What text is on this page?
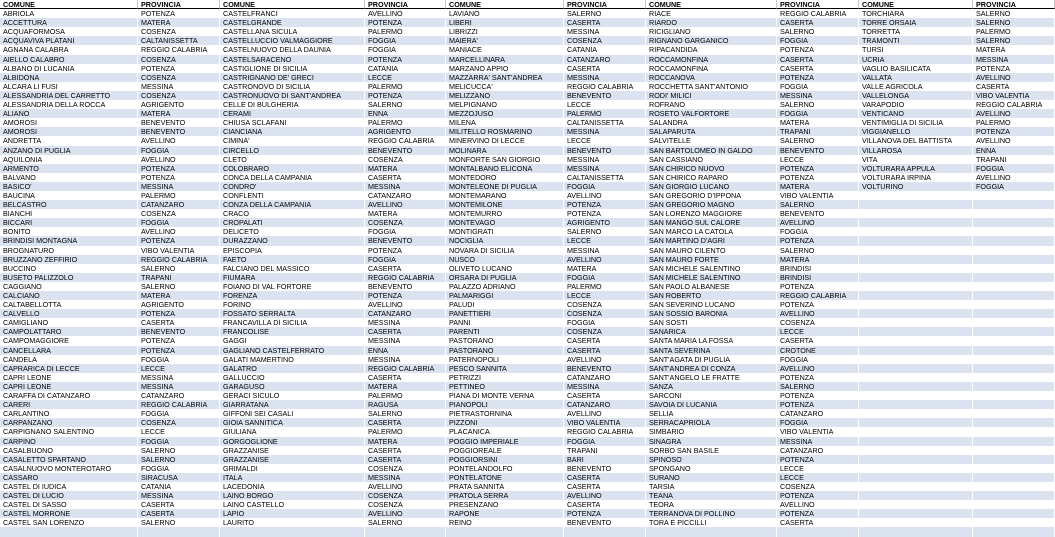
COMUNE	PROVINCIA	COMUNE	PROVINCIA	COMUNE	PROVINCIA	COMUNE	PROVINCIA	COMUNE	PROVINCIA
ABRIOLA	POTENZA	CASTELFRANCI	AVELLINO	LAVIANO	SALERNO	RIACE	REGGIO CALABRIA	TORCHIARA	SALERNO
ACCETTURA	MATERA	CASTELGRANDE	POTENZA	LIBERI	CASERTA	RIARDO	CASERTA	TORRE ORSAIA	SALERNO
ACQUAFORMOSA	COSENZA	CASTELLANA SICULA	PALERMO	LIBRIZZI	MESSINA	RICIGLIANO	SALERNO	TORRETTA	PALERMO
ACQUAVIVA PLATANI	CALTANISSETTA	CASTELLUCCIO VALMAGGIORE	FOGGIA	MAIERA'	COSENZA	RIGNANO GARGANICO	FOGGIA	TRAMONTI	SALERNO
AGNANA CALABRA	REGGIO CALABRIA	CASTELNUOVO DELLA DAUNIA	FOGGIA	MANIACE	CATANIA	RIPACANDIDA	POTENZA	TURSI	MATERA
AIELLO CALABRO	COSENZA	CASTELSARACENO	POTENZA	MARCELLINARA	CATANZARO	ROCCAMONFINA	CASERTA	UCRIA	MESSINA
ALBANO DI LUCANIA	POTENZA	CASTIGLIONE DI SICILIA	CATANIA	MARZANO APPIO	CASERTA	ROCCAMONFINA	CASERTA	VAGLIO BASILICATA	POTENZA
ALBIDONA	COSENZA	CASTRIGNANO DE' GRECI	LECCE	MAZZARRA' SANT'ANDREA	MESSINA	ROCCANOVA	POTENZA	VALLATA	AVELLINO
ALCARA LI FUSI	MESSINA	CASTRONOVO DI SICILIA	PALERMO	MELICUCCA'	REGGIO CALABRIA	ROCCHETTA SANT'ANTONIO	FOGGIA	VALLE AGRICOLA	CASERTA
ALESSANDRIA DEL CARRETTO	COSENZA	CASTRONUOVO DI SANT'ANDREA	POTENZA	MELIZZANO	BENEVENTO	RODI' MILICI	MESSINA	VALLELONGA	VIBO VALENTIA
ALESSANDRIA DELLA ROCCA	AGRIGENTO	CELLE DI BULGHERIA	SALERNO	MELPIGNANO	LECCE	ROFRANO	SALERNO	VARAPODIO	REGGIO CALABRIA
ALIANO	MATERA	CERAMI	ENNA	MEZZOJUSO	PALERMO	ROSETO VALFORTORE	FOGGIA	VENTICANO	AVELLINO
AMOROSI	BENEVENTO	CHIUSA SCLAFANI	PALERMO	MILENA	CALTANISSETTA	SALANDRA	MATERA	VENTIMIGLIA DI SICILIA	PALERMO
AMOROSI	BENEVENTO	CIANCIANA	AGRIGENTO	MILITELLO ROSMARINO	MESSINA	SALAPARUTA	TRAPANI	VIGGIANELLO	POTENZA
ANDRETTA	AVELLINO	CIMINA'	REGGIO CALABRIA	MINERVINO DI LECCE	LECCE	SALVITELLE	SALERNO	VILLANOVA DEL BATTISTA	AVELLINO
ANZANO DI PUGLIA	FOGGIA	CIRCELLO	BENEVENTO	MOLINARA	BENEVENTO	SAN BARTOLOMEO IN GALDO	BENEVENTO	VILLAROSA	ENNA
AQUILONIA	AVELLINO	CLETO	COSENZA	MONFORTE SAN GIORGIO	MESSINA	SAN CASSIANO	LECCE	VITA	TRAPANI
ARMENTO	POTENZA	COLOBRARO	MATERA	MONTALBANO ELICONA	MESSINA	SAN CHIRICO NUOVO	POTENZA	VOLTURARA APPULA	FOGGIA
BALVANO	POTENZA	CONCA DELLA CAMPANIA	CASERTA	MONTEDORO	CALTANISSETTA	SAN CHIRICO RAPARO	POTENZA	VOLTURARA IRPINA	AVELLINO
BASICO'	MESSINA	CONDRO'	MESSINA	MONTELEONE DI PUGLIA	FOGGIA	SAN GIORGIO LUCANO	MATERA	VOLTURINO	FOGGIA
BAUCINA	PALERMO	CONFLENTI	CATANZARO	MONTEMARANO	AVELLINO	SAN GREGORIO D'IPPONA	VIBO VALENTIA
BELCASTRO	CATANZARO	CONZA DELLA CAMPANIA	AVELLINO	MONTEMILONE	POTENZA	SAN GREGORIO MAGNO	SALERNO
BIANCHI	COSENZA	CRACO	MATERA	MONTEMURRO	POTENZA	SAN LORENZO MAGGIORE	BENEVENTO
BICCARI	FOGGIA	CROPALATI	COSENZA	MONTEVAGO	AGRIGENTO	SAN MANGO SUL CALORE	AVELLINO
BONITO	AVELLINO	DELICETO	FOGGIA	MONTIGRATI	SALERNO	SAN MARCO LA CATOLA	FOGGIA
BRINDISI MONTAGNA	POTENZA	DURAZZANO	BENEVENTO	NOCIGLIA	LECCE	SAN MARTINO D'AGRI	POTENZA
BROGNATURO	VIBO VALENTIA	EPISCOPIA	POTENZA	NOVARA DI SICILIA	MESSINA	SAN MAURO CILENTO	SALERNO
BRUZZANO ZEFFIRIO	REGGIO CALABRIA	FAETO	FOGGIA	NUSCO	AVELLINO	SAN MAURO FORTE	MATERA
BUCCINO	SALERNO	FALCIANO DEL MASSICO	CASERTA	OLIVETO LUCANO	MATERA	SAN MICHELE SALENTINO	BRINDISI
BUSETO PALIZZOLO	TRAPANI	FIUMARA	REGGIO CALABRIA	ORSARA DI PUGLIA	FOGGIA	SAN MICHELE SALENTINO	BRINDISI
CAGGIANO	SALERNO	FOIANO DI VAL FORTORE	BENEVENTO	PALAZZO ADRIANO	PALERMO	SAN PAOLO ALBANESE	POTENZA
CALCIANO	MATERA	FORENZA	POTENZA	PALMARIGGI	LECCE	SAN ROBERTO	REGGIO CALABRIA
CALTABELLOTTA	AGRIGENTO	FORINO	AVELLINO	PALUDI	COSENZA	SAN SEVERINO LUCANO	POTENZA
CALVELLO	POTENZA	FOSSATO SERRALTA	CATANZARO	PANETTIERI	COSENZA	SAN SOSSIO BARONIA	AVELLINO
CAMIGLIANO	CASERTA	FRANCAVILLA DI SICILIA	MESSINA	PANNI	FOGGIA	SAN SOSTI	COSENZA
CAMPOLATTARO	BENEVENTO	FRANCOLISE	CASERTA	PARENTI	COSENZA	SANARICA	LECCE
CAMPOMAGGIORE	POTENZA	GAGGI	MESSINA	PASTORANO	CASERTA	SANTA MARIA LA FOSSA	CASERTA
CANCELLARA	POTENZA	GAGLIANO CASTELFERRATO	ENNA	PASTORANO	CASERTA	SANTA SEVERINA	CROTONE
CANDELA	FOGGIA	GALATI MAMERTINO	MESSINA	PATERNOPOLI	AVELLINO	SANT'AGATA DI PUGLIA	FOGGIA
CAPRARICA DI LECCE	LECCE	GALATRO	REGGIO CALABRIA	PESCO SANNITA	BENEVENTO	SANT'ANDREA DI CONZA	AVELLINO
CAPRI LEONE	MESSINA	GALLUCCIO	CASERTA	PETRIZZI	CATANZARO	SANT'ANGELO LE FRATTE	POTENZA
CAPRI LEONE	MESSINA	GARAGUSO	MATERA	PETTINEO	MESSINA	SANZA	SALERNO
CARAFFA DI CATANZARO	CATANZARO	GERACI SICULO	PALERMO	PIANA DI MONTE VERNA	CASERTA	SARCONI	POTENZA
CARERI	REGGIO CALABRIA	GIARRATANA	RAGUSA	PIANOPOLI	CATANZARO	SAVOIA DI LUCANIA	POTENZA
CARLANTINO	FOGGIA	GIFFONI SEI CASALI	SALERNO	PIETRASTORNINA	AVELLINO	SELLIA	CATANZARO
CARPANZANO	COSENZA	GIOIA SANNITICA	CASERTA	PIZZONI	VIBO VALENTIA	SERRACAPRIOLA	FOGGIA
CARPIGNANO SALENTINO	LECCE	GIULIANA	PALERMO	PLACANICA	REGGIO CALABRIA	SIMBARIO	VIBO VALENTIA
CARPINO	FOGGIA	GORGOGLIONE	MATERA	POGGIO IMPERIALE	FOGGIA	SINAGRA	MESSINA
CASALBUONO	SALERNO	GRAZZANISE	CASERTA	POGGIOREALE	TRAPANI	SORBO SAN BASILE	CATANZARO
CASALETTO SPARTANO	SALERNO	GRAZZANISE	CASERTA	POGGIORSINI	BARI	SPINOSO	POTENZA
CASALNUOVO MONTEROTARO	FOGGIA	GRIMALDI	COSENZA	PONTELANDOLFO	BENEVENTO	SPONGANO	LECCE
CASSARO	SIRACUSA	ITALA	MESSINA	PONTELATONE	CASERTA	SURANO	LECCE
CASTEL DI IUDICA	CATANIA	LACEDONIA	AVELLINO	PRATA SANNITA	CASERTA	TARSIA	COSENZA
CASTEL DI LUCIO	MESSINA	LAINO BORGO	COSENZA	PRATOLA SERRA	AVELLINO	TEANA	POTENZA
CASTEL DI SASSO	CASERTA	LAINO CASTELLO	COSENZA	PRESENZANO	CASERTA	TEORA	AVELLINO
CASTEL MORRONE	CASERTA	LAPIO	AVELLINO	RAPONE	POTENZA	TERRANOVA DI POLLINO	POTENZA
CASTEL SAN LORENZO	SALERNO	LAURITO	SALERNO	REINO	BENEVENTO	TORA E PICCILLI	CASERTA
